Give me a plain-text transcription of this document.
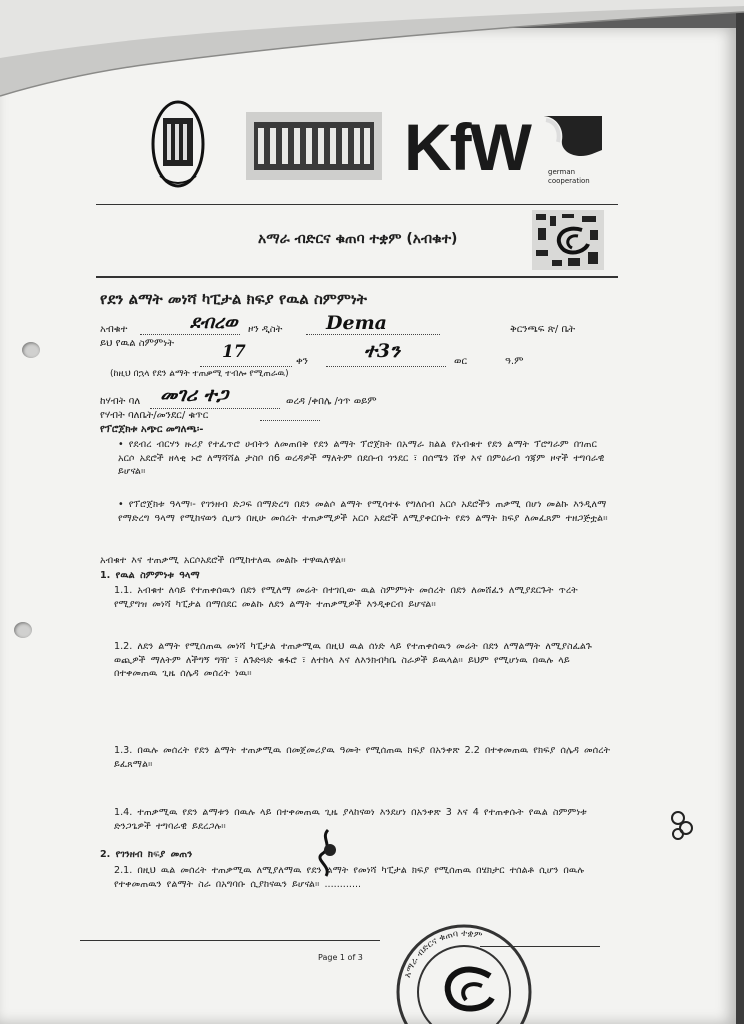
KfW	german
cooperation
አማራ ብድርና ቁጠባ ተቋም (አብቁተ)
የደን ልማት መነሻ ካፒታል ክፍያ የዉል ስምምነት
አብቁተ	ደብረወ ዞን ዲስት Dema	ቅርንጫፍ ጽ/ ቤት
ይህ የዉል ስምምነት	17	ቀን	ተ3ን	ወር	ዓ.ም
(ከዚህ በኋላ የደን ልማት ተጠቃሚ ተብሎ የሚጠራዉ)
ከሃብት ባለ መገሪ ተጋ	ወረዳ /ቀበሌ /ጎጥ ወይም
የሃብት ባለቤት/መንደር/ ቁጥር
የፕሮጀክቱ አጭር መግለጫ፡-
• የደብረ ብርሃን ዙሪያ የተፈጥሮ ሀብትን ለመጠበቅ የደን ልማት ፕሮጀክት በአማራ ክልል የአብቁተ የደን ልማት ፕሮግራም በገጠር አርሶ አደሮች ዘላቂ ኑሮ ለማሻሻል ታስቦ በ6 ወረዳዎች ማለትም በደቡብ ጎንደር ፣ በሰሜን ሸዋ እና በምዕራብ ጎጃም ዞኖች ተግባራዊ ይሆናል።
• የፕሮጀክቱ ዓላማ፡- የገንዘብ ድጋፍ በማድረግ በደን መልሶ ልማት የሚሳተፉ የግለሰብ አርሶ አደሮችን ጠቃሚ በሆነ መልኩ እንዲለማ የማድረግ ዓላማ የሚከናወን ሲሆን በዚሁ መሰረት ተጠቃሚዎች አርሶ አደሮች ለሚያቀርቡት የደን ልማት ክፍያ ለመፈጸም ተዘጋጅቷል።
አብቁተ እና ተጠቃሚ አርሶአደሮች በሚከተለዉ መልኩ ተዋዉለዋል፡፡
1. የዉል ስምምነቱ ዓላማ
1.1. አብቁተ ለሳይ የተጠቀሰዉን በደን የሚለማ መሬት በተገቢው ዉል ስምምነት መሰረት በደን ለመሸፈን ለሚያደርጉት ጥረት የሚያግዝ መነሻ ካፒታል በማበደር መልኩ ለደን ልማት ተጠቃሚዎች እንዲቀርብ ይሆናል።
1.2. ለደን ልማት የሚሰጠዉ መነሻ ካፒታል ተጠቃሚዉ በዚህ ዉል ሰነድ ላይ የተጠቀሰዉን መሬት በደን ለማልማት ለሚያስፈልጉ ወጪዎች ማለትም ለችግኝ ግዥ ፣ ለጉድጓድ ቁፋሮ ፣ ለተከላ እና ለእንክብካቤ ስራዎች ይዉላል። ይህም የሚሆነዉ በዉሉ ላይ በተቀመጠዉ ጊዜ ሰሌዳ መሰረት ነዉ።
1.3. በዉሉ መሰረት የደን ልማት ተጠቃሚዉ በመጀመሪያዉ ዓመት የሚሰጠዉ ክፍያ በአንቀጽ 2.2 በተቀመጠዉ የክፍያ ሰሌዳ መሰረት ይፈጸማል።
1.4. ተጠቃሚዉ የደን ልማቱን በዉሉ ላይ በተቀመጠዉ ጊዜ ያላከናወነ እንደሆነ በአንቀጽ 3 እና 4 የተጠቀሱት የዉል ስምምነቱ ድንጋጌዎች ተግባራዊ ይደረጋሉ።
2. የገንዘብ ክፍያ መጠን
2.1. በዚህ ዉል መሰረት ተጠቃሚዉ ለሚያለማዉ የደን ልማት የመነሻ ካፒታል ክፍያ የሚሰጠዉ በሄክታር ተሰልቶ ሲሆን በዉሉ የተቀመጠዉን የልማት ስራ በአግባቡ ሲያከናዉን ይሆናል። ............
Page 1 of 3
አማራ ብድርና ቁጠባ ተቋም
